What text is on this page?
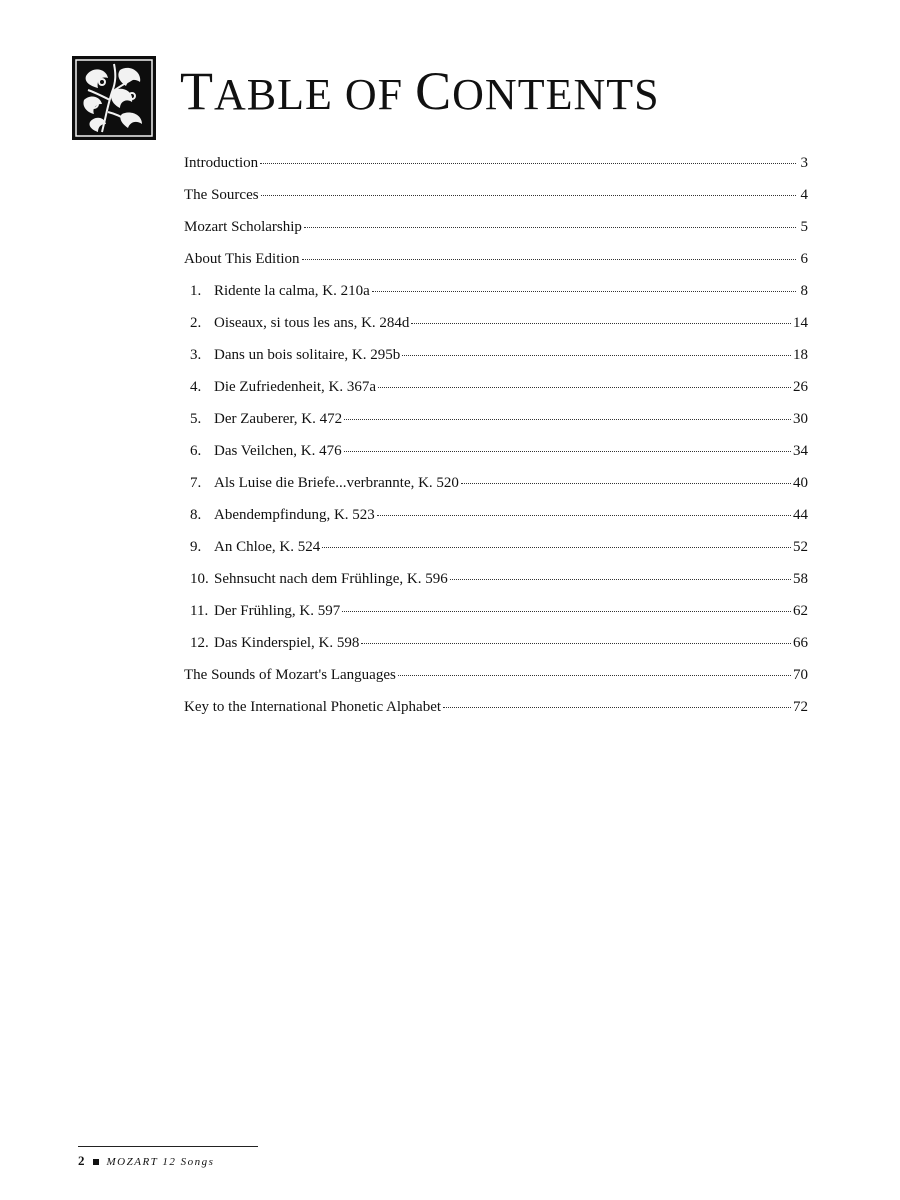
TABLE OF CONTENTS
Introduction	3
The Sources	4
Mozart Scholarship	5
About This Edition	6
1. Ridente la calma, K. 210a	8
2. Oiseaux, si tous les ans, K. 284d	14
3. Dans un bois solitaire, K. 295b	18
4. Die Zufriedenheit, K. 367a	26
5. Der Zauberer, K. 472	30
6. Das Veilchen, K. 476	34
7. Als Luise die Briefe...verbrannte, K. 520	40
8. Abendempfindung, K. 523	44
9. An Chloe, K. 524	52
10. Sehnsucht nach dem Frühlinge, K. 596	58
11. Der Frühling, K. 597	62
12. Das Kinderspiel, K. 598	66
The Sounds of Mozart's Languages	70
Key to the International Phonetic Alphabet	72
2 MOZART 12 Songs
